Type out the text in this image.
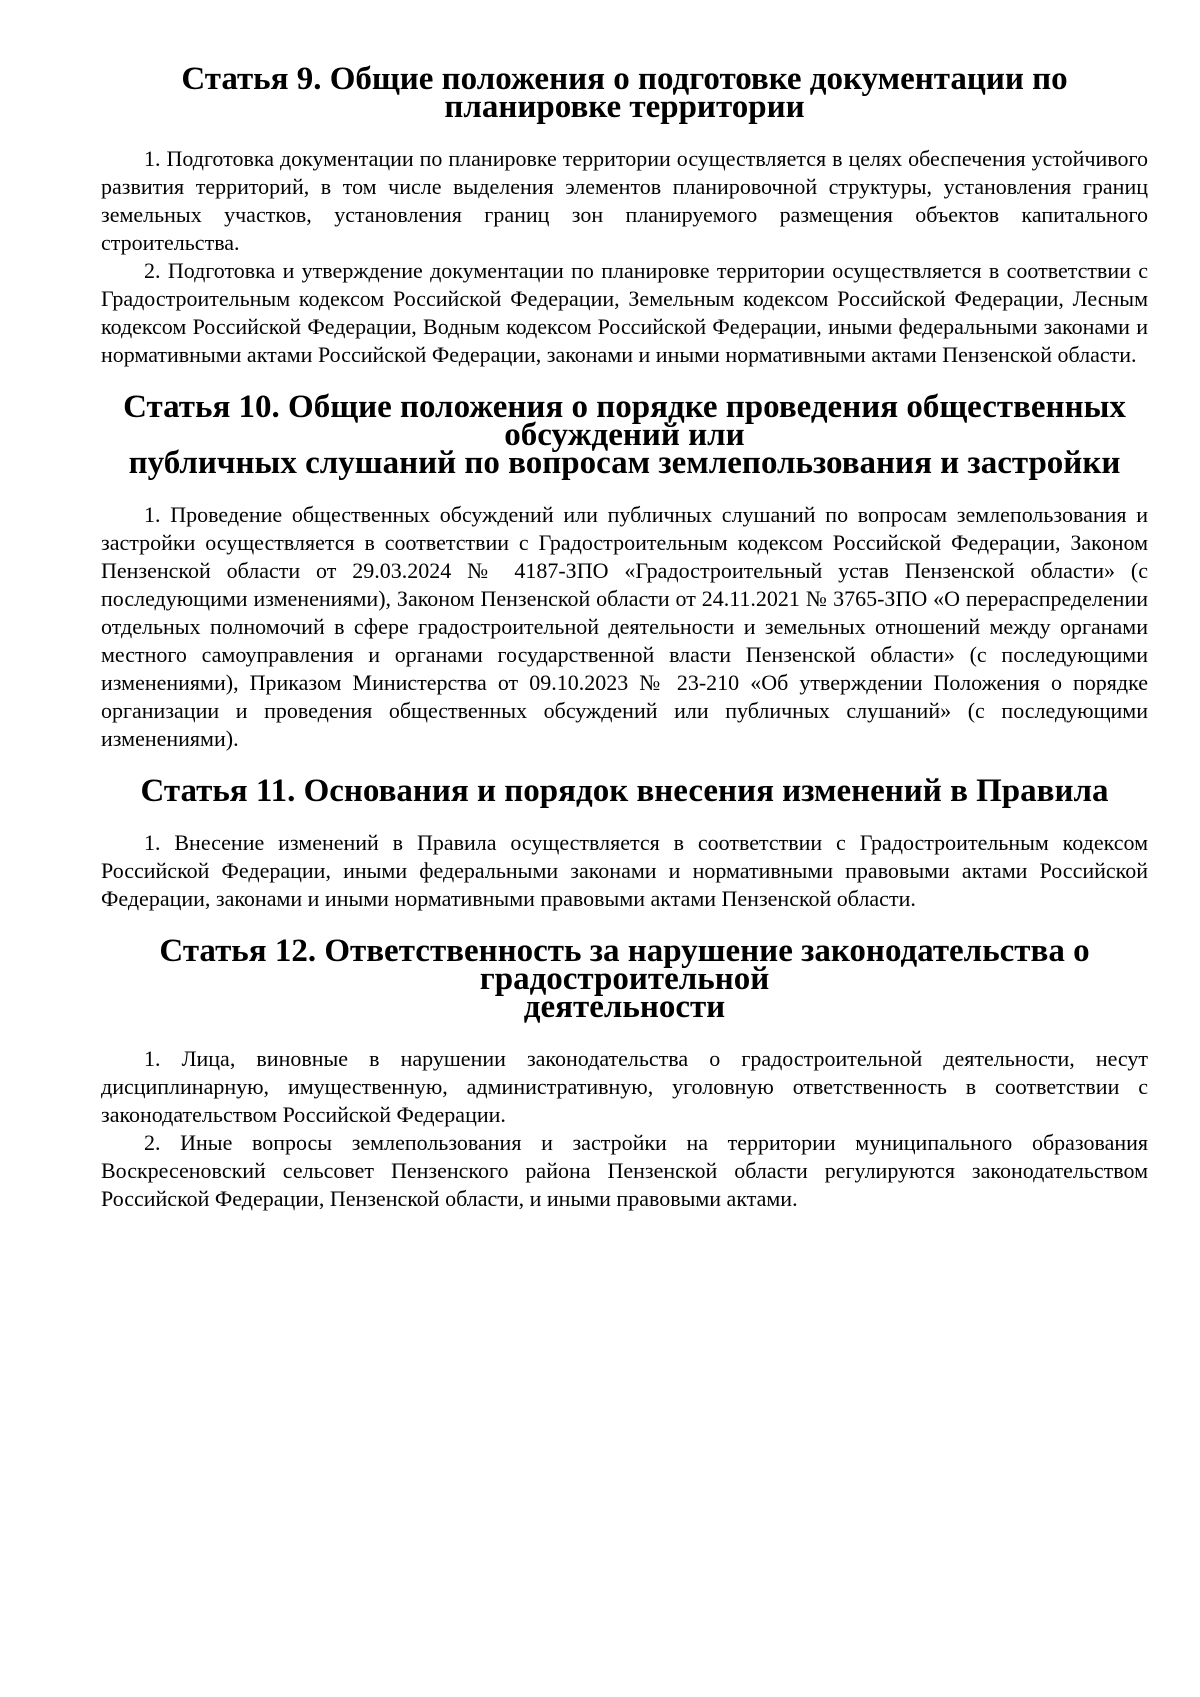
Статья 9. Общие положения о подготовке документации по планировке территории

1. Подготовка документации по планировке территории осуществляется в целях обеспечения устойчивого развития территорий, в том числе выделения элементов планировочной структуры, установления границ земельных участков, установления границ зон планируемого размещения объектов капитального строительства.

2. Подготовка и утверждение документации по планировке территории осуществляется в соответствии с Градостроительным кодексом Российской Федерации, Земельным кодексом Российской Федерации, Лесным кодексом Российской Федерации, Водным кодексом Российской Федерации, иными федеральными законами и нормативными актами Российской Федерации, законами и иными нормативными актами Пензенской области.

Статья 10. Общие положения о порядке проведения общественных обсуждений или
публичных слушаний по вопросам землепользования и застройки

1. Проведение общественных обсуждений или публичных слушаний по вопросам землепользования и застройки осуществляется в соответствии с Градостроительным кодексом Российской Федерации, Законом Пензенской области от 29.03.2024 № 4187-ЗПО «Градостроительный устав Пензенской области» (с последующими изменениями), Законом Пензенской области от 24.11.2021 № 3765-ЗПО «О перераспределении отдельных полномочий в сфере градостроительной деятельности и земельных отношений между органами местного самоуправления и органами государственной власти Пензенской области» (с последующими изменениями), Приказом Министерства от 09.10.2023 № 23-210 «Об утверждении Положения о порядке организации и проведения общественных обсуждений или публичных слушаний» (с последующими изменениями).

Статья 11. Основания и порядок внесения изменений в Правила

1. Внесение изменений в Правила осуществляется в соответствии с Градостроительным кодексом Российской Федерации, иными федеральными законами и нормативными правовыми актами Российской Федерации, законами и иными нормативными правовыми актами Пензенской области.

Статья 12. Ответственность за нарушение законодательства о градостроительной
деятельности

1. Лица, виновные в нарушении законодательства о градостроительной деятельности, несут дисциплинарную, имущественную, административную, уголовную ответственность в соответствии с законодательством Российской Федерации.

2. Иные вопросы землепользования и застройки на территории муниципального образования Воскресеновский сельсовет Пензенского района Пензенской области регулируются законодательством Российской Федерации, Пензенской области, и иными правовыми актами.
